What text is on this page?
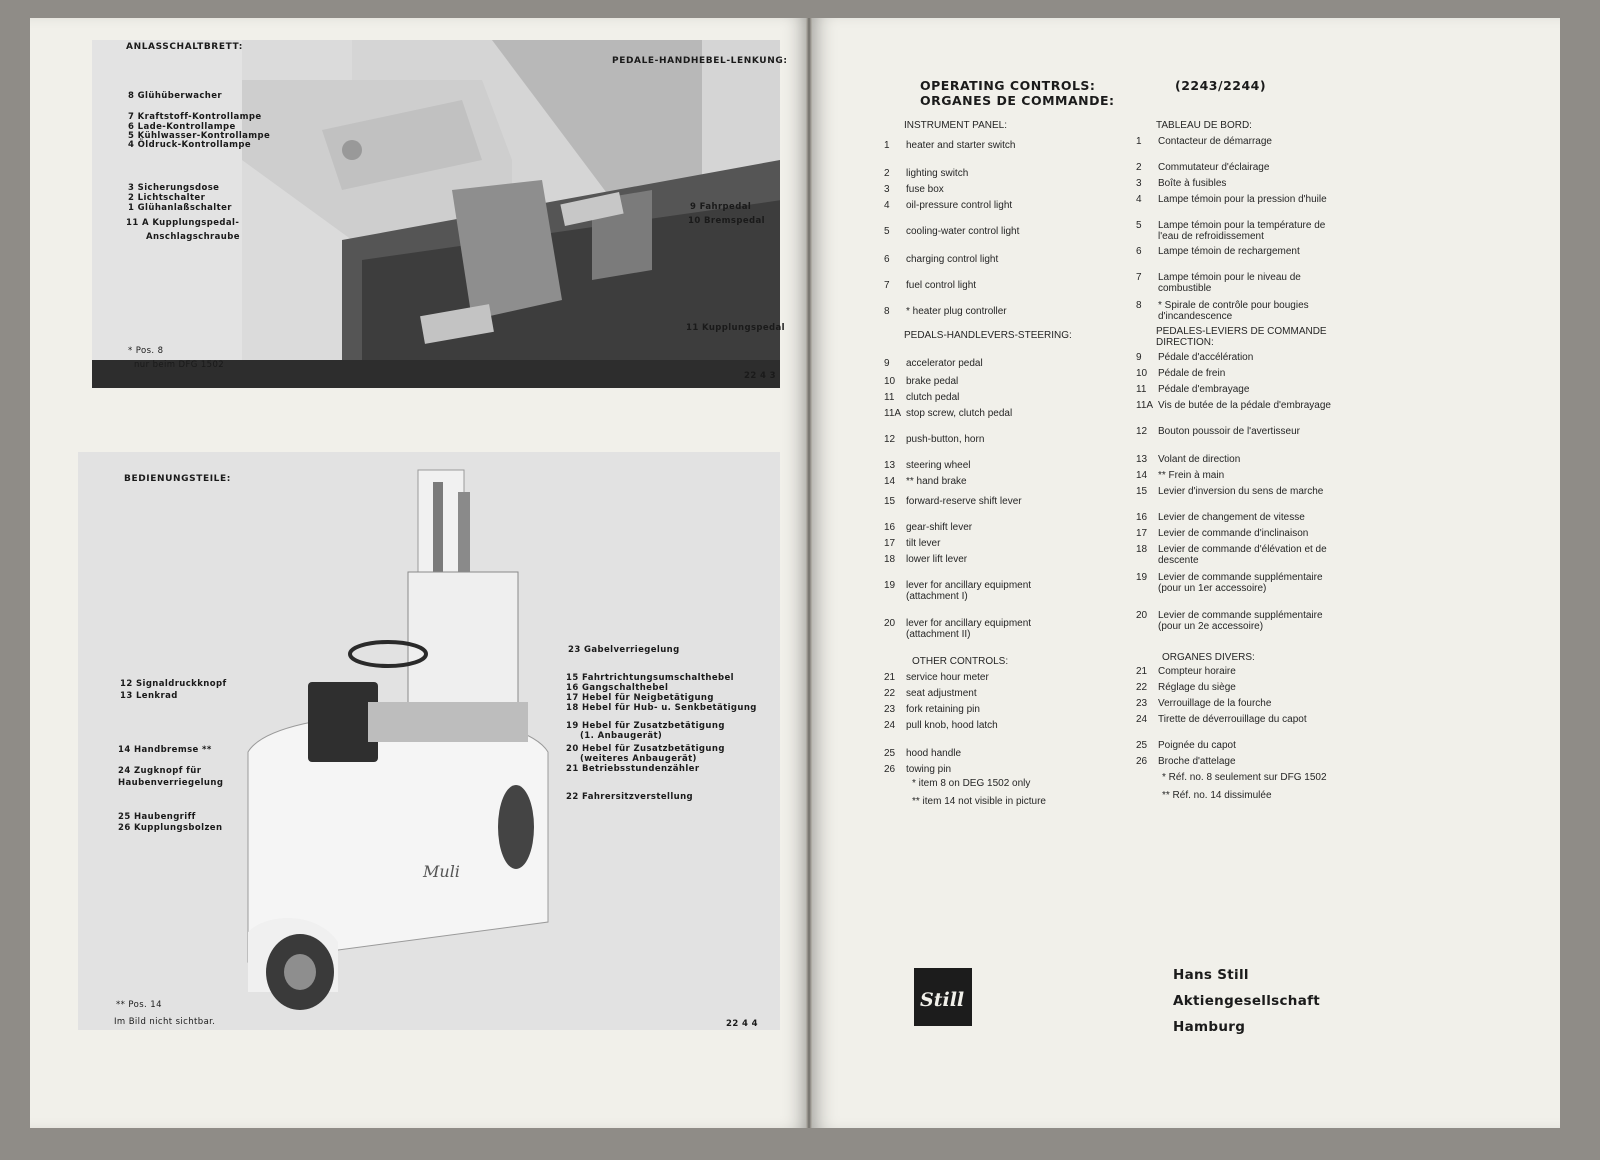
ANLASSCHALTBRETT:
PEDALE-HANDHEBEL-LENKUNG:
8 Glühüberwacher
7 Kraftstoff-Kontrollampe
6 Lade-Kontrollampe
5 Kühlwasser-Kontrollampe
4 Öldruck-Kontrollampe
3 Sicherungsdose
2 Lichtschalter
1 Glühanlaßschalter
11 A Kupplungspedal-
Anschlagschraube
9 Fahrpedal
10 Bremspedal
11 Kupplungspedal
* Pos. 8
nur beim DFG 1502
22 4 3
Muli
BEDIENUNGSTEILE:
12 Signaldruckknopf
13 Lenkrad
14 Handbremse **
24 Zugknopf für
Haubenverriegelung
25 Haubengriff
26 Kupplungsbolzen
23 Gabelverriegelung
15 Fahrtrichtungsumschalthebel
16 Gangschalthebel
17 Hebel für Neigbetätigung
18 Hebel für Hub- u. Senkbetätigung
19 Hebel für Zusatzbetätigung
(1. Anbaugerät)
20 Hebel für Zusatzbetätigung
(weiteres Anbaugerät)
21 Betriebsstundenzähler
22 Fahrersitzverstellung
** Pos. 14
Im Bild nicht sichtbar.	22 4 4
OPERATING CONTROLS:
ORGANES DE COMMANDE:
(2243/2244)
INSTRUMENT PANEL:
1	heater and starter switch
2	lighting switch
3	fuse box
4	oil-pressure control light
5	cooling-water control light
6	charging control light
7	fuel control light
8	* heater plug controller
PEDALS-HANDLEVERS-STEERING:
9	accelerator pedal
10	brake pedal
11	clutch pedal
11A stop screw, clutch pedal
12	push-button, horn
13	steering wheel
14	** hand brake
15	forward-reserve shift lever
16	gear-shift lever
17	tilt lever
18	lower lift lever
19	lever for ancillary equipment (attachment I)
20	lever for ancillary equipment (attachment II)
OTHER CONTROLS:
21	service hour meter
22	seat adjustment
23	fork retaining pin
24	pull knob, hood latch
25	hood handle
26	towing pin
* item 8 on DEG 1502 only
** item 14 not visible in picture
TABLEAU DE BORD:
1	Contacteur de démarrage
2	Commutateur d'éclairage
3	Boîte à fusibles
4	Lampe témoin pour la pression d'huile
5	Lampe témoin pour la température de l'eau de refroidissement
6	Lampe témoin de rechargement
7	Lampe témoin pour le niveau de combustible
8	* Spirale de contrôle pour bougies d'incandescence
PEDALES-LEVIERS DE COMMANDE DIRECTION:
9	Pédale d'accélération
10	Pédale de frein
11	Pédale d'embrayage
11A Vis de butée de la pédale d'embrayage
12	Bouton poussoir de l'avertisseur
13	Volant de direction
14	** Frein à main
15	Levier d'inversion du sens de marche
16	Levier de changement de vitesse
17	Levier de commande d'inclinaison
18	Levier de commande d'élévation et de descente
19	Levier de commande supplémentaire (pour un 1er accessoire)
20	Levier de commande supplémentaire (pour un 2e accessoire)
ORGANES DIVERS:
21	Compteur horaire
22	Réglage du siège
23	Verrouillage de la fourche
24	Tirette de déverrouillage du capot
25	Poignée du capot
26	Broche d'attelage
* Réf. no. 8 seulement sur DFG 1502
** Réf. no. 14 dissimulée
Still
Hans Still
Aktiengesellschaft
Hamburg
